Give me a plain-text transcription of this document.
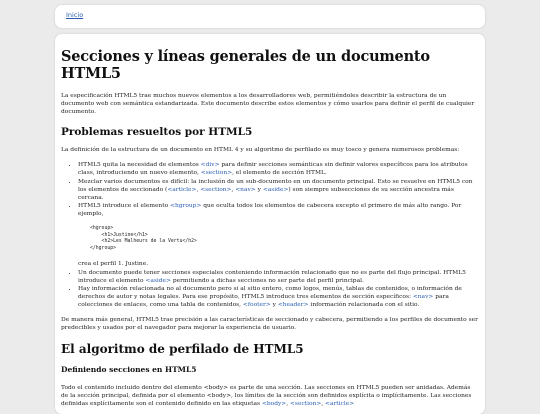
Inicio
Secciones y líneas generales de un documento HTML5

La especificación HTML5 trae muchos nuevos elementos a los desarrolladores web, permitiéndoles describir la estructura de un documento web con semántica estandarizada. Este documento describe estos elementos y cómo usarlos para definir el perfil de cualquier documento.

Problemas resueltos por HTML5

La definición de la estructura de un documento en HTML 4 y su algoritmo de perfilado es muy tosco y genera numerosos problemas:

• HTML5 quita la necesidad de elementos <div> para definir secciones semánticas sin definir valores específicos para los atributos class, introduciendo un nuevo elemento, <section>, el elemento de sección HTML.
• Mezclar varios documentos es difícil: la inclusión de un sub-documento en un documento principal. Esto se resuelve en HTML5 con los elementos de seccionado (<article>, <section>, <nav> y <aside>) son siempre subsecciones de su sección ancestra más cercana.
• HTML5 introduce el elemento <hgroup> que oculta todos los elementos de cabecera excepto el primero de más alto rango. Por ejemplo,
<hgroup>
<h1>Justine</h1>
<h2>Les Malheurs de la Vertu</h2>
</hgroup>
crea el perfil 1. Justine.
• Un documento puede tener secciones especiales conteniendo información relacionado que no es parte del flujo principal. HTML5 introduce el elemento <aside> permitiendo a dichas secciones no ser parte del perfil principal.
• Hay información relacionada no al documento pero si al sitio entero, como logos, menús, tablas de contenidos, o información de derechos de autor y notas legales. Para ese propósito, HTML5 introduce tres elementos de sección específicos: <nav> para colecciones de enlaces, como una tabla de contenidos, <footer> y <header> información relacionada con el sitio.

De manera más general, HTML5 trae precisión a las características de seccionado y cabecera, permitiendo a los perfiles de documento ser predecibles y usados por el navegador para mejorar la experiencia de usuario.

El algoritmo de perfilado de HTML5
Definiendo secciones en HTML5

Todo el contenido incluido dentro del elemento <body> es parte de una sección. Las secciones en HTML5 pueden ser anidadas. Además de la sección principal, definida por el elemento <body>, los límites de la sección son definidos explícita o implícitamente. Las secciones definidas explícitamente son el contenido definido en las etiquetas <body>, <section>, <article>
